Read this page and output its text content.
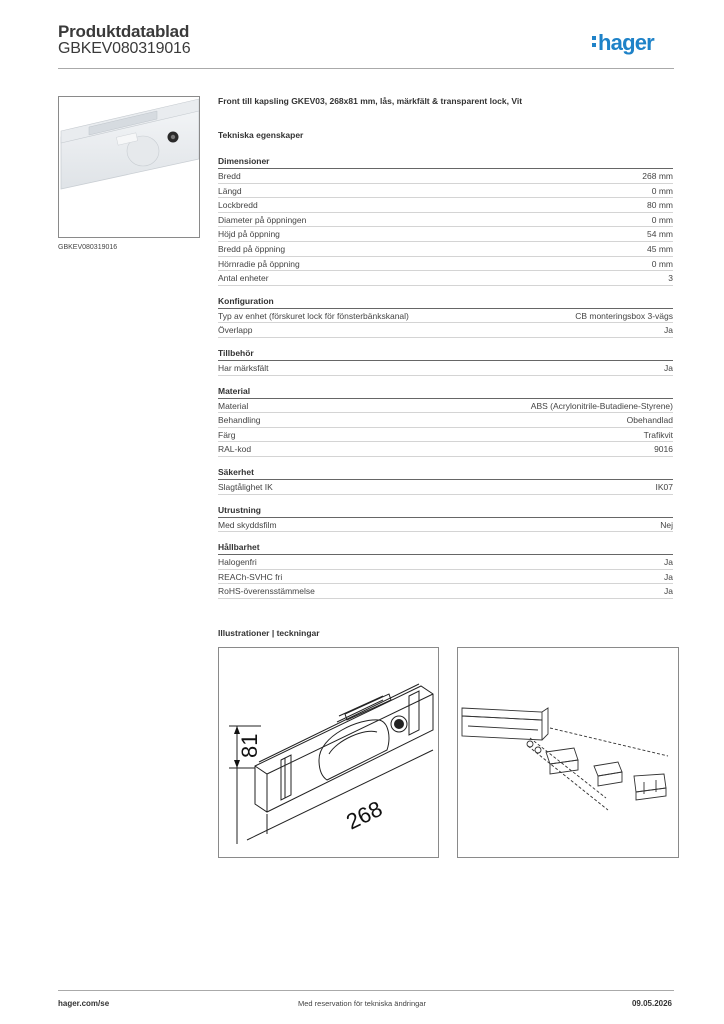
Produktdatablad
GBKEV080319016	hager
GBKEV080319016
Front till kapsling GKEV03, 268x81 mm, lås, märkfält & transparent lock, Vit
Tekniska egenskaper
Dimensioner
Bredd	268 mm
Längd	0 mm
Lockbredd	80 mm
Diameter på öppningen	0 mm
Höjd på öppning	54 mm
Bredd på öppning	45 mm
Hörnradie på öppning	0 mm
Antal enheter	3
Konfiguration
Typ av enhet (förskuret lock för fönsterbänkskanal)	CB monteringsbox 3-vägs
Överlapp	Ja
Tillbehör
Har märksfält	Ja
Material
Material	ABS (Acrylonitrile-Butadiene-Styrene)
Behandling	Obehandlad
Färg	Trafikvit
RAL-kod	9016
Säkerhet
Slagtålighet IK	IK07
Utrustning
Med skyddsfilm	Nej
Hållbarhet
Halogenfri	Ja
REACh-SVHC fri	Ja
RoHS-överensstämmelse	Ja
Illustrationer | teckningar
81
268
hager.com/se	Med reservation för tekniska ändringar	09.05.2026
